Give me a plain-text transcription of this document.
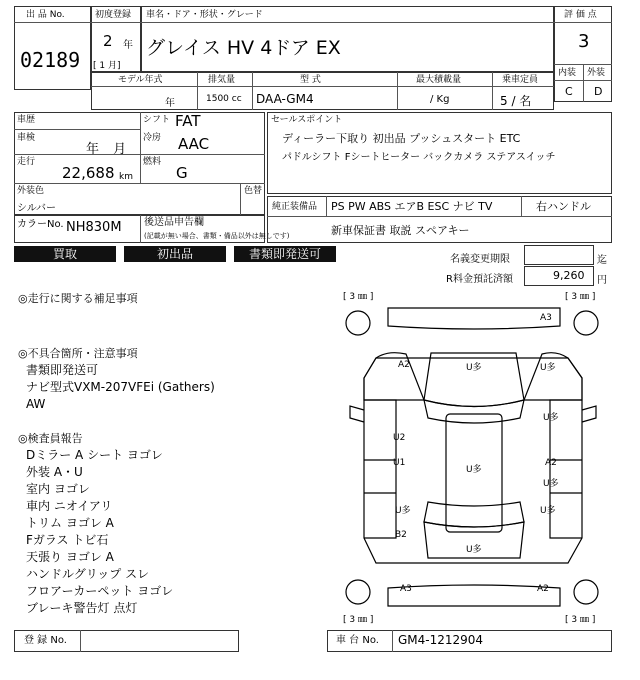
出 品 No.
02189
初度登録
2 年
[ 1 月]
車名・ドア・形状・グレード
グレイス HV 4ドア EX
評 価 点
3
内装 外装
C D
モデル年式
年
排気量
1500 cc
型 式
DAA-GM4
最大積載量
/ Kg
乗車定員
5 / 名
車歴	シフト FAT
車検
年 月
冷房 AAC
走行
22,688 km
燃料
G
外装色
シルバー
色替
カラーNo. NH830M 後送品申告欄
(記載が無い場合、書類・備品以外は無しです)
セールスポイント
ディーラー下取り 初出品 プッシュスタート ETC
パドルシフト Fシートヒーター バックカメラ ステアスイッチ
純正装備品 PS PW ABS エアB ESC ナビ TV	右ハンドル
新車保証書 取説 スペアキー
買取	初出品	書類即発送可	名義変更期限	迄
R料金預託済額	9,260 円
◎走行に関する補足事項
◎不具合箇所・注意事項
書類即発送可
ナビ型式VXM-207VFEi (Gathers)
AW
◎検査員報告
Dミラー A シート ヨゴレ
外装 A・U
室内 ヨゴレ
車内 ニオイアリ
トリム ヨゴレ A
Fガラス トビ石
天張り ヨゴレ A
ハンドルグリップ スレ
フロアーカーペット ヨゴレ
ブレーキ警告灯 点灯
[ 3 ㎜ ]	[ 3 ㎜ ]
[ 3 ㎜ ]	[ 3 ㎜ ]
A3
A2	U多	U多
U多
U2
U1
U多
A2
U多
U多	U多
B2
U多
A3	A2
登 録 No.	車 台 No. GM4-1212904
